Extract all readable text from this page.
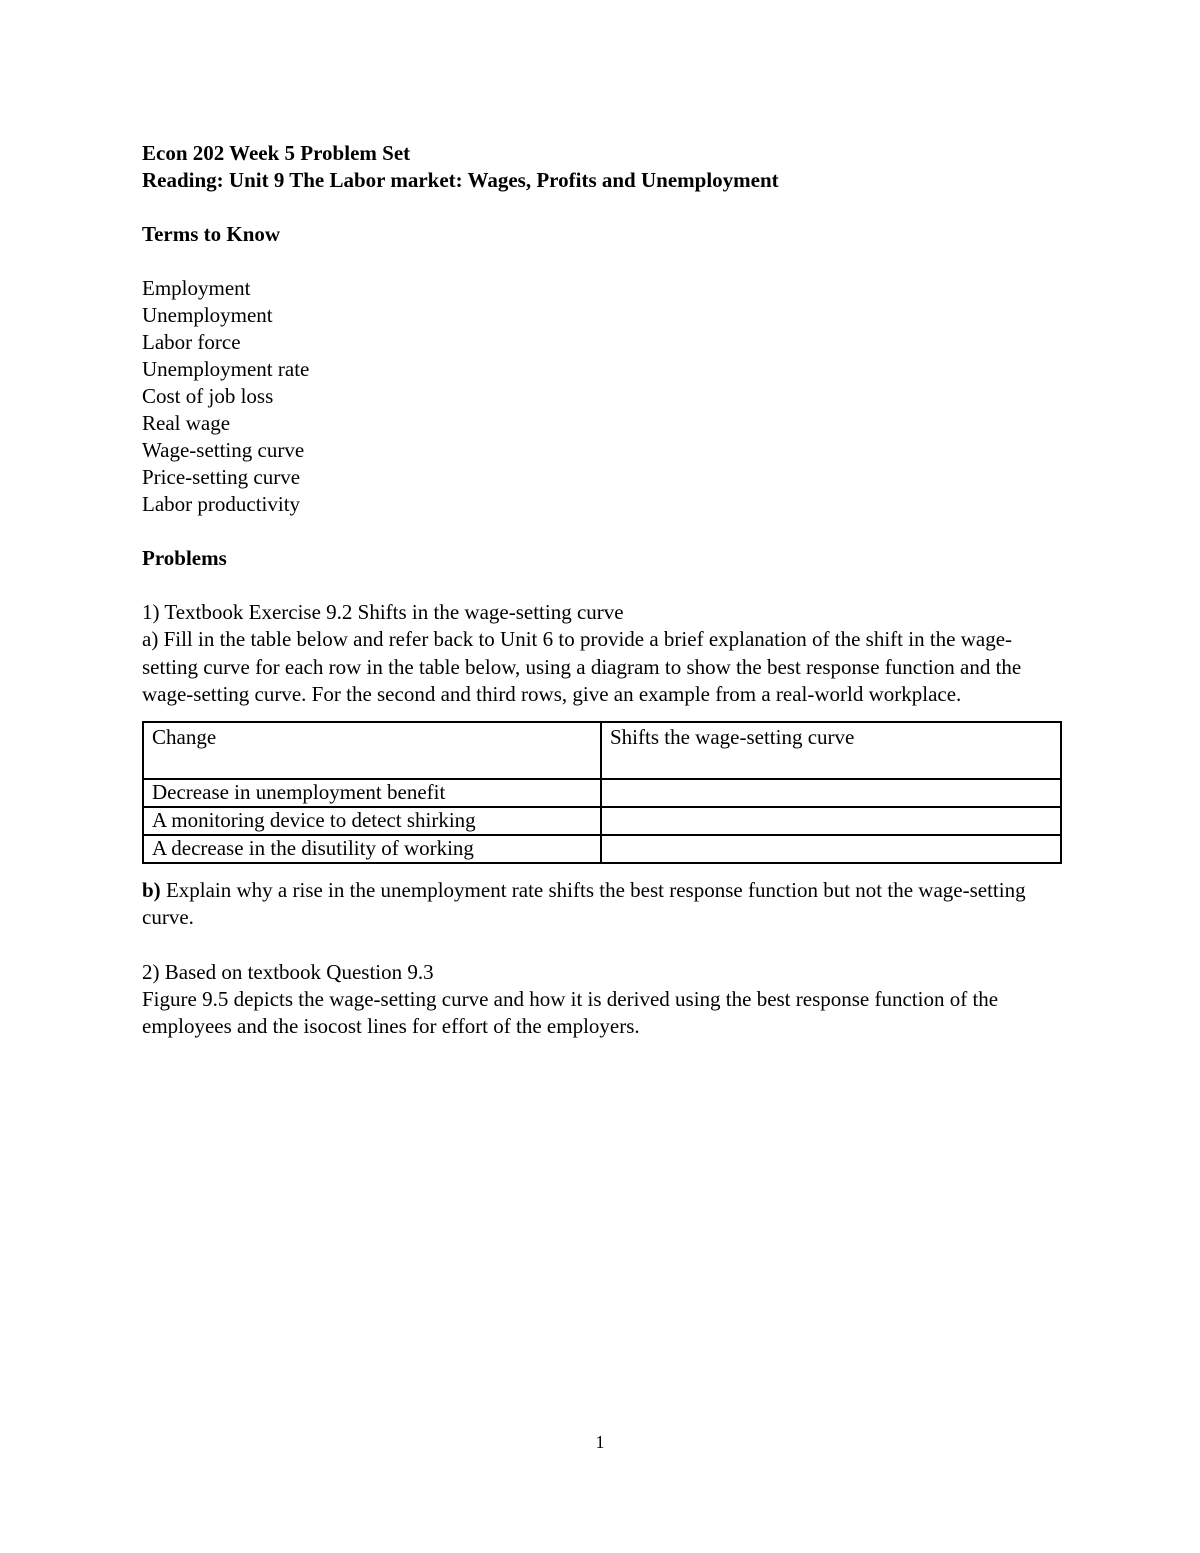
Econ 202 Week 5 Problem Set
Reading: Unit 9 The Labor market: Wages, Profits and Unemployment
Terms to Know
Employment
Unemployment
Labor force
Unemployment rate
Cost of job loss
Real wage
Wage-setting curve
Price-setting curve
Labor productivity
Problems
1) Textbook Exercise 9.2 Shifts in the wage-setting curve
a) Fill in the table below and refer back to Unit 6 to provide a brief explanation of the shift in the wage-setting curve for each row in the table below, using a diagram to show the best response function and the wage-setting curve. For the second and third rows, give an example from a real-world workplace.
Change	Shifts the wage-setting curve
Decrease in unemployment benefit	
A monitoring device to detect shirking	
A decrease in the disutility of working	
b) Explain why a rise in the unemployment rate shifts the best response function but not the wage-setting curve.
2) Based on textbook Question 9.3
Figure 9.5 depicts the wage-setting curve and how it is derived using the best response function of the employees and the isocost lines for effort of the employers.
1
